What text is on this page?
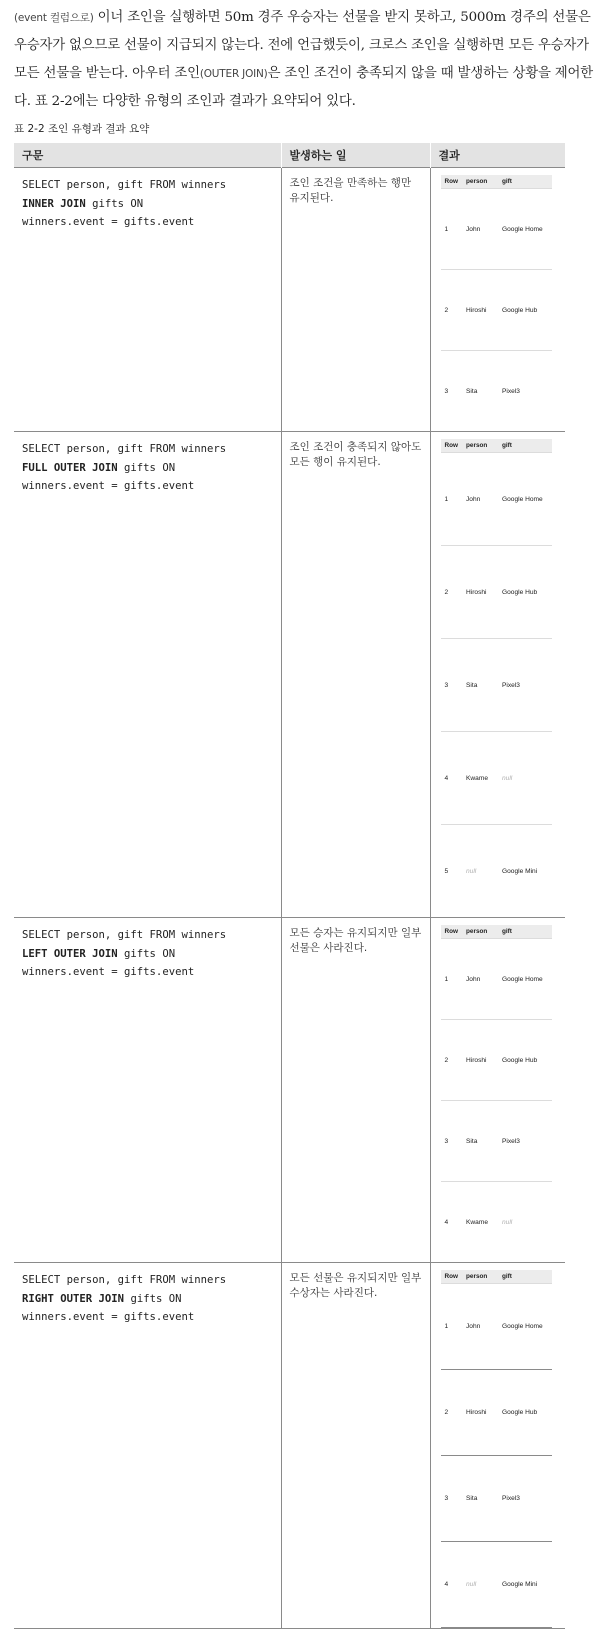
(event 컬럼으로) 이너 조인을 실행하면 50m 경주 우승자는 선물을 받지 못하고, 5000m 경주의 선물은 우승자가 없으므로 선물이 지급되지 않는다. 전에 언급했듯이, 크로스 조인을 실행하면 모든 우승자가 모든 선물을 받는다. 아우터 조인(OUTER JOIN)은 조인 조건이 충족되지 않을 때 발생하는 상황을 제어한다. 표 2-2에는 다양한 유형의 조인과 결과가 요약되어 있다.

표 2-2 조인 유형과 결과 요약
구문	발생하는 일	결과

SELECT person, gift FROM winners
INNER JOIN gifts ON
winners.event = gifts.event

조인 조건을 만족하는 행만 유지된다.

Row	person	gift
1	John	Google Home
2	Hiroshi	Google Hub
3	Sita	Pixel3

SELECT person, gift FROM winners
FULL OUTER JOIN gifts ON
winners.event = gifts.event

조인 조건이 충족되지 않아도 모든 행이 유지된다.

Row	person	gift
1	John	Google Home
2	Hiroshi	Google Hub
3	Sita	Pixel3
4	Kwame	null
5	null	Google Mini

SELECT person, gift FROM winners
LEFT OUTER JOIN gifts ON
winners.event = gifts.event

모든 승자는 유지되지만 일부 선물은 사라진다.

Row	person	gift
1	John	Google Home
2	Hiroshi	Google Hub
3	Sita	Pixel3
4	Kwame	null

SELECT person, gift FROM winners
RIGHT OUTER JOIN gifts ON
winners.event = gifts.event

모든 선물은 유지되지만 일부 수상자는 사라진다.

Row	person	gift
1	John	Google Home
2	Hiroshi	Google Hub
3	Sita	Pixel3
4	null	Google Mini
